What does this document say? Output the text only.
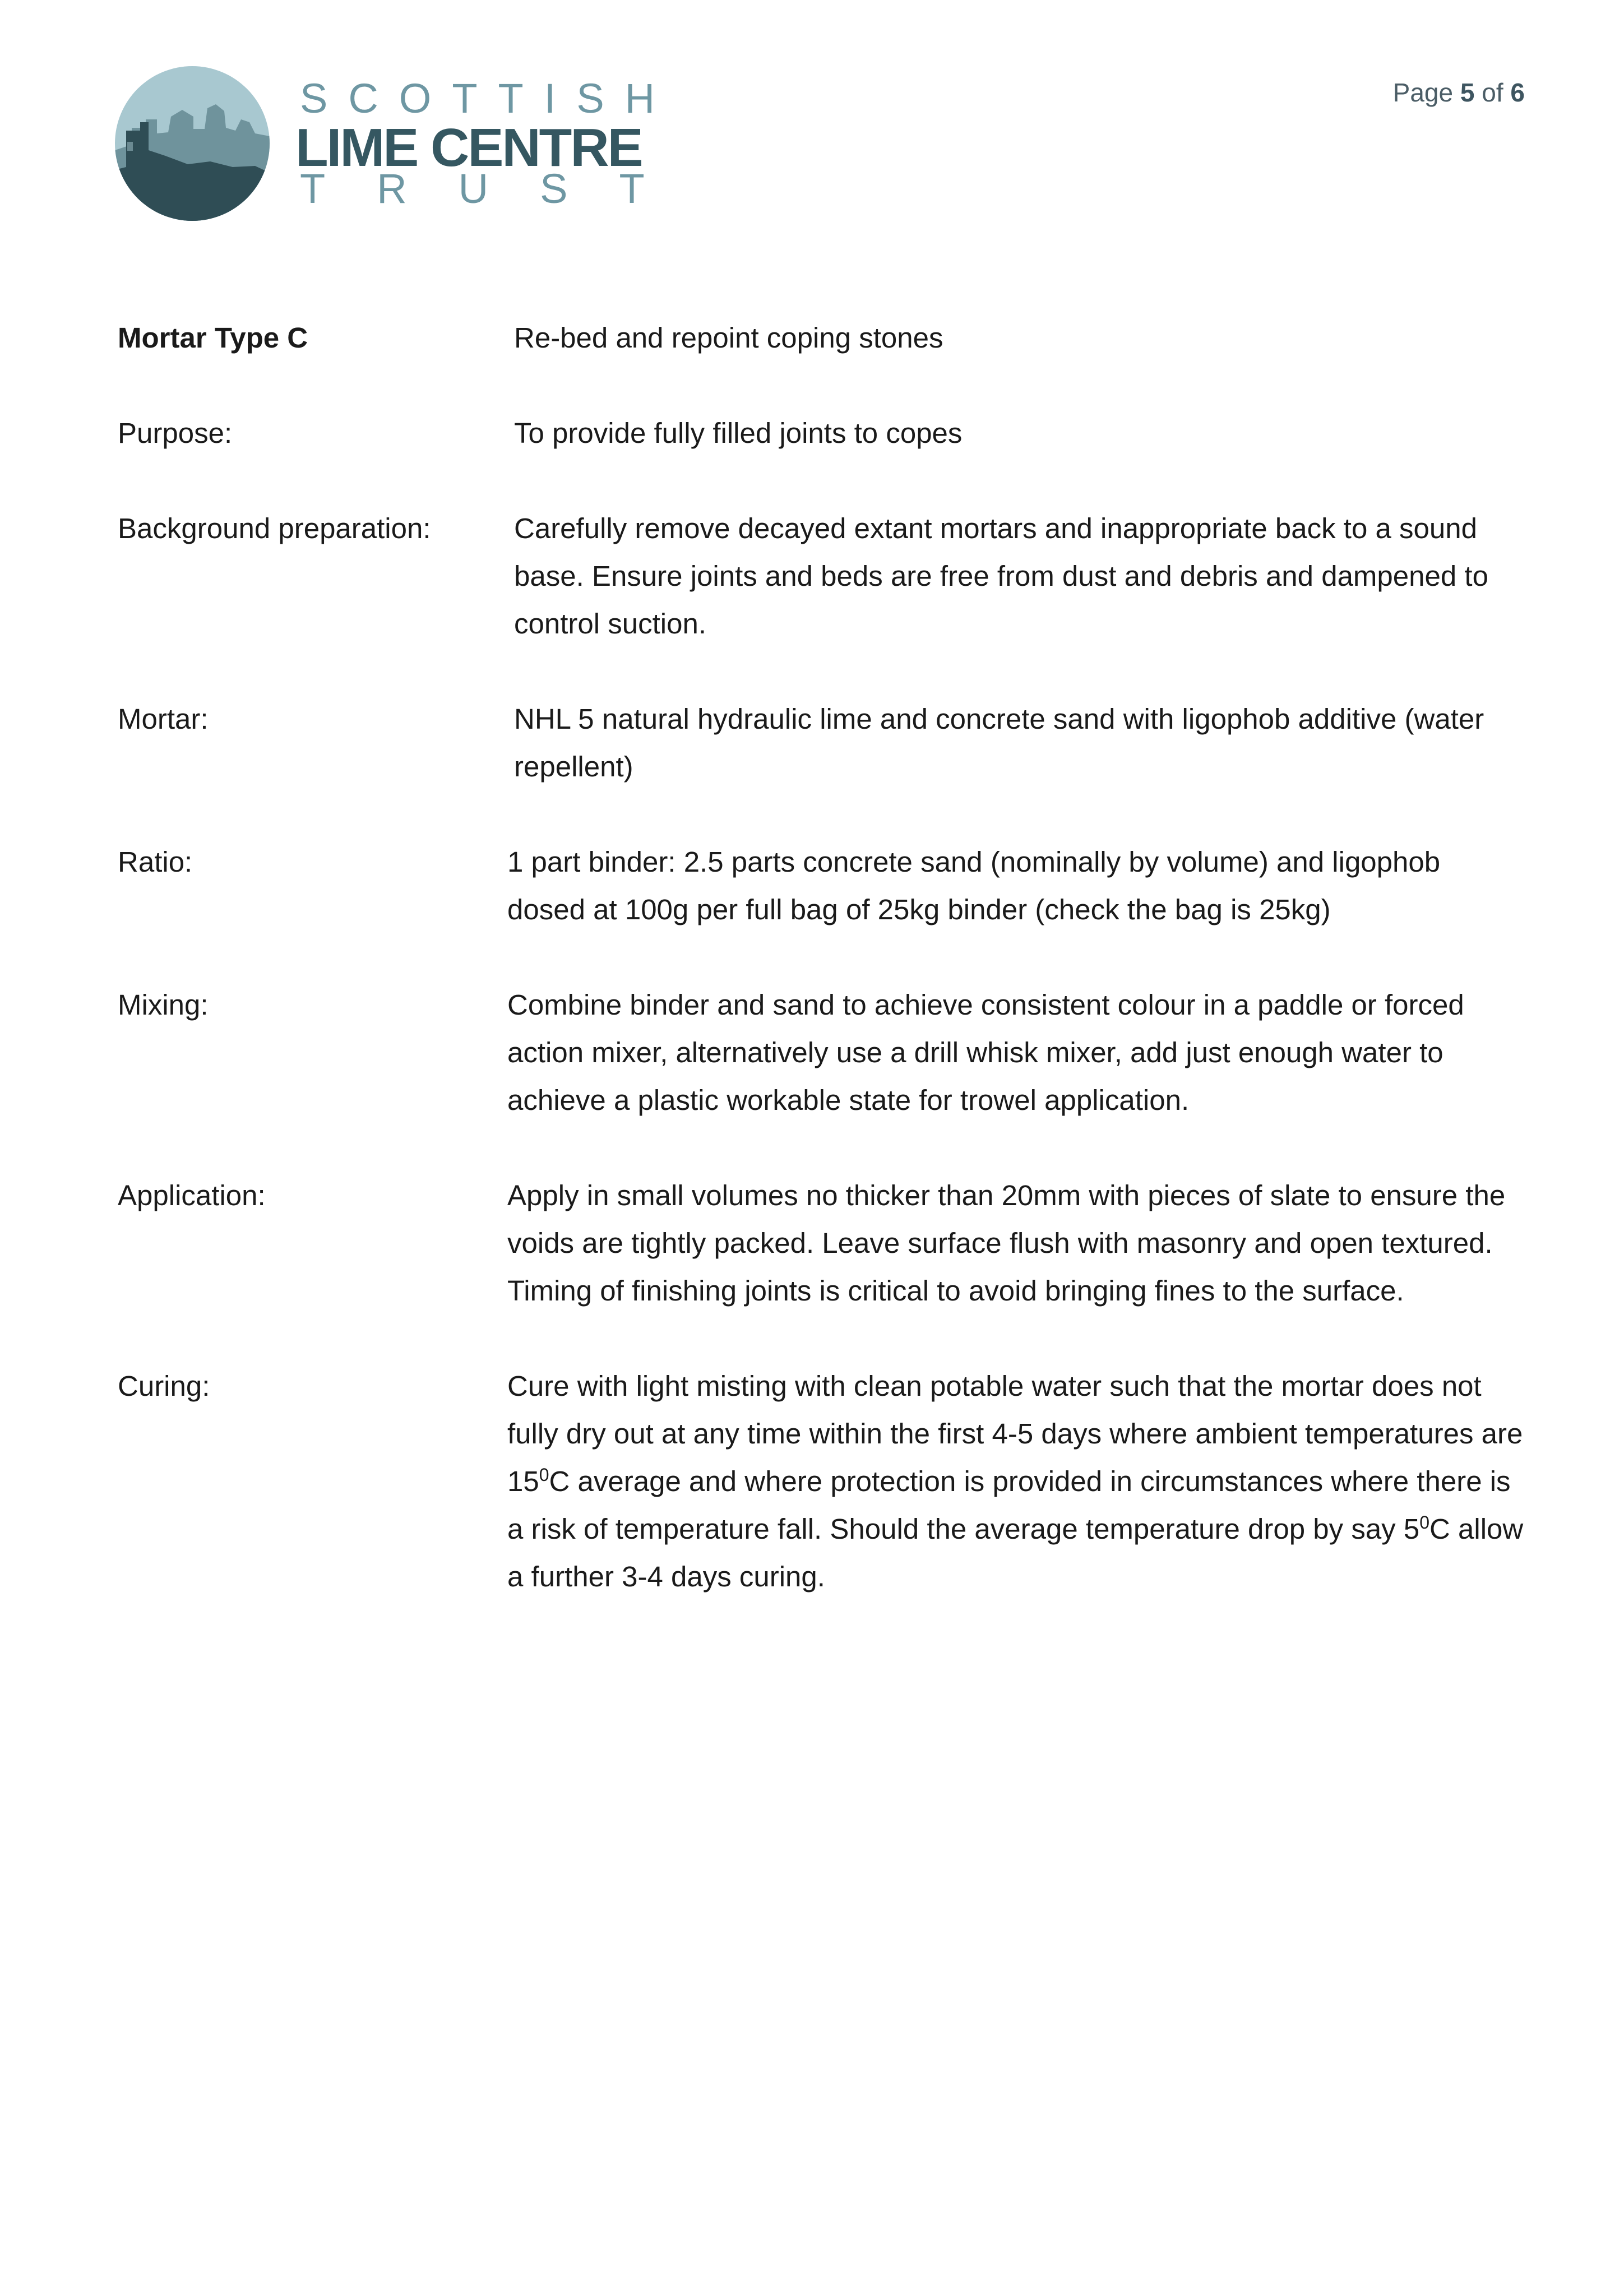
SCOTTISH
LIME CENTRE
TRUST
Page 5 of 6
Mortar Type C	Re-bed and repoint coping stones
Purpose:	To provide fully filled joints to copes
Background preparation:	Carefully remove decayed extant mortars and inappropriate back to a sound base. Ensure joints and beds are free from dust and debris and dampened to control suction.
Mortar:	NHL 5 natural hydraulic lime and concrete sand with ligophob additive (water repellent)
Ratio:	1 part binder: 2.5 parts concrete sand (nominally by volume) and ligophob dosed at 100g per full bag of 25kg binder (check the bag is 25kg)
Mixing:	Combine binder and sand to achieve consistent colour in a paddle or forced action mixer, alternatively use a drill whisk mixer, add just enough water to achieve a plastic workable state for trowel application.
Application:	Apply in small volumes no thicker than 20mm with pieces of slate to ensure the voids are tightly packed. Leave surface flush with masonry and open textured. Timing of finishing joints is critical to avoid bringing fines to the surface.
Curing:	Cure with light misting with clean potable water such that the mortar does not fully dry out at any time within the first 4-5 days where ambient temperatures are $15^0C$ average and where protection is provided in circumstances where there is a risk of temperature fall. Should the average temperature drop by say $5^0C$ allow a further 3-4 days curing.
